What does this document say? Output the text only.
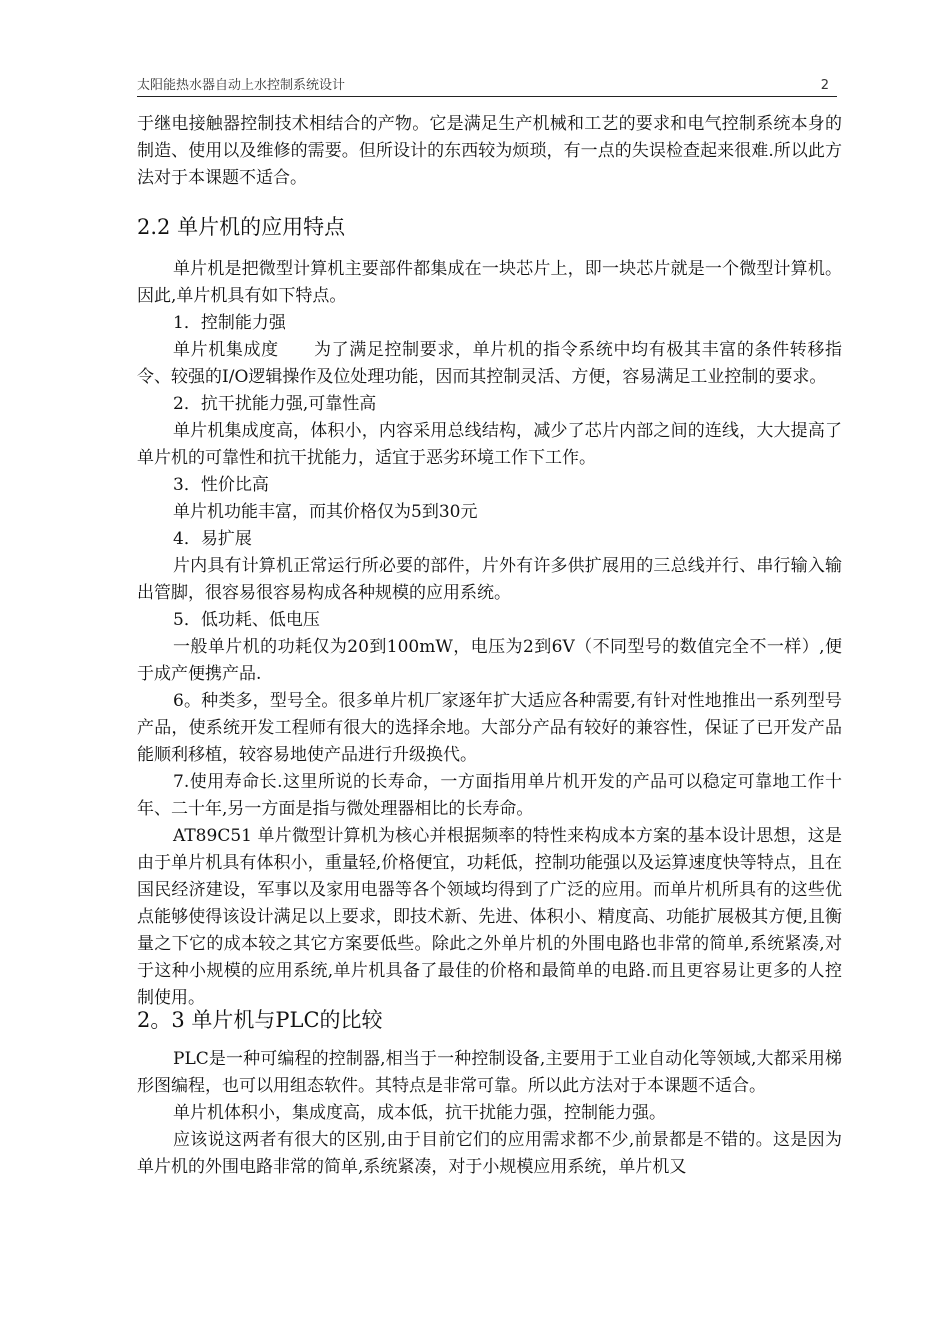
太阳能热水器自动上水控制系统设计	2

于继电接触器控制技术相结合的产物。它是满足生产机械和工艺的要求和电气控制系统本身的制造、使用以及维修的需要。但所设计的东西较为烦琐，有一点的失误检查起来很难.所以此方法对于本课题不适合。

2.2 单片机的应用特点

单片机是把微型计算机主要部件都集成在一块芯片上，即一块芯片就是一个微型计算机。因此,单片机具有如下特点。

1．控制能力强

单片机集成度　　为了满足控制要求，单片机的指令系统中均有极其丰富的条件转移指令、较强的I/O逻辑操作及位处理功能，因而其控制灵活、方便，容易满足工业控制的要求。

2．抗干扰能力强,可靠性高

单片机集成度高，体积小，内容采用总线结构，减少了芯片内部之间的连线，大大提高了单片机的可靠性和抗干扰能力，适宜于恶劣环境工作下工作。

3．性价比高

单片机功能丰富，而其价格仅为5到30元

4．易扩展

片内具有计算机正常运行所必要的部件，片外有许多供扩展用的三总线并行、串行输入输出管脚，很容易很容易构成各种规模的应用系统。

5．低功耗、低电压

一般单片机的功耗仅为20到100mW，电压为2到6V（不同型号的数值完全不一样）,便于成产便携产品.

6。种类多，型号全。很多单片机厂家逐年扩大适应各种需要,有针对性地推出一系列型号产品，使系统开发工程师有很大的选择余地。大部分产品有较好的兼容性，保证了已开发产品能顺利移植，较容易地使产品进行升级换代。

7.使用寿命长.这里所说的长寿命，一方面指用单片机开发的产品可以稳定可靠地工作十年、二十年,另一方面是指与微处理器相比的长寿命。

AT89C51 单片微型计算机为核心并根据频率的特性来构成本方案的基本设计思想，这是由于单片机具有体积小，重量轻,价格便宜，功耗低，控制功能强以及运算速度快等特点，且在国民经济建设，军事以及家用电器等各个领域均得到了广泛的应用。而单片机所具有的这些优点能够使得该设计满足以上要求，即技术新、先进、体积小、精度高、功能扩展极其方便,且衡量之下它的成本较之其它方案要低些。除此之外单片机的外围电路也非常的简单,系统紧凑,对于这种小规模的应用系统,单片机具备了最佳的价格和最简单的电路.而且更容易让更多的人控制使用。

2。3 单片机与PLC的比较

PLC是一种可编程的控制器,相当于一种控制设备,主要用于工业自动化等领域,大都采用梯形图编程，也可以用组态软件。其特点是非常可靠。所以此方法对于本课题不适合。

单片机体积小，集成度高，成本低，抗干扰能力强，控制能力强。

应该说这两者有很大的区别,由于目前它们的应用需求都不少,前景都是不错的。这是因为单片机的外围电路非常的简单,系统紧凑，对于小规模应用系统，单片机又
